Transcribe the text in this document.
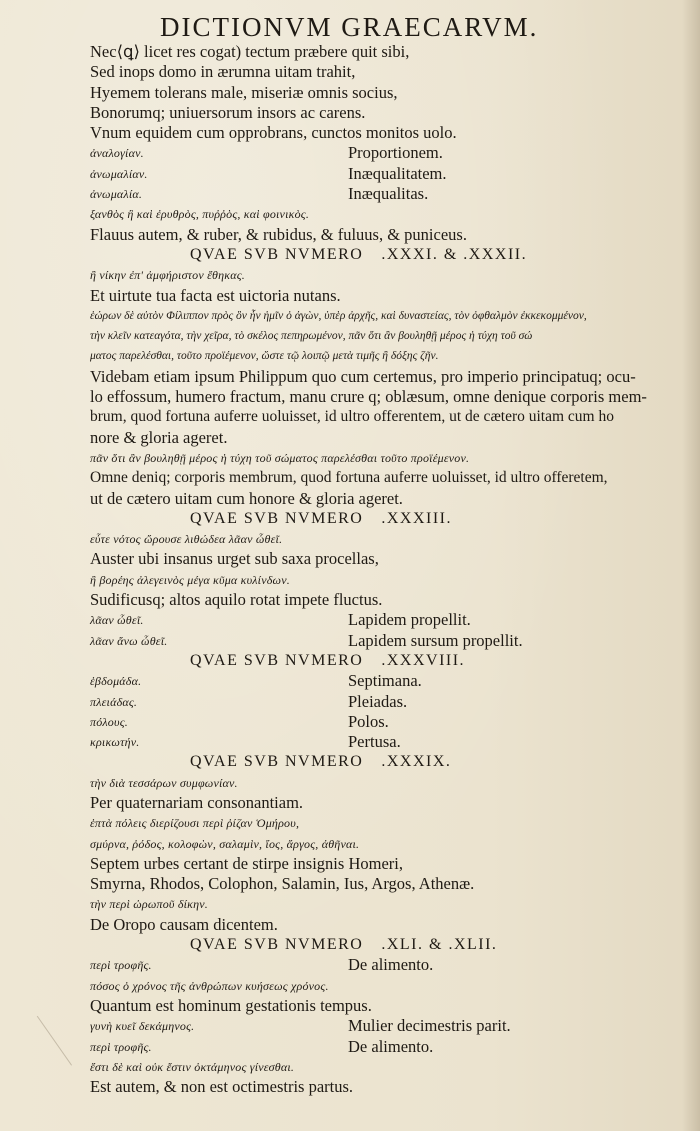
DICTIONVM GRAECARVM.
Nec⟨ꝗ⟩ licet res cogat) tectum præbere quit sibi,
Sed inops domo in ærumna uitam trahit,
Hyemem tolerans male, miseriæ omnis socius,
Bonorumq; uniuersorum insors ac carens.
Vnum equidem cum opprobrans, cunctos monitos uolo.
ἀναλογίαν.	Proportionem.
ἀνωμαλίαν.	Inæqualitatem.
ἀνωμαλία.	Inæqualitas.
ξανθὸς ἢ καὶ ἐρυθρὸς, πυῤῥὸς, καὶ φοινικὸς.
Flauus autem, & ruber, & rubidus, & fuluus, & puniceus.
QVAE SVB NVMERO .XXXI. & .XXXII.
ἢ νίκην ἐπ' ἀμφήριστον ἔθηκας.
Et uirtute tua facta est uictoria nutans.
ἑώρων δὲ αὐτὸν Φίλιππον πρὸς ὃν ἦν ἡμῖν ὁ ἀγὼν, ὑπὲρ ἀρχῆς, καὶ δυναστείας, τὸν ὀφθαλμὸν ἐκκεκομμένον,
τὴν κλεῖν κατεαγότα, τὴν χεῖρα, τὸ σκέλος πεπηρωμένον, πᾶν ὅτι ἂν βουληθῇ μέρος ἡ τύχη τοῦ σώ
ματος παρελέσθαι, τοῦτο προϊέμενον, ὥστε τῷ λοιπῷ μετὰ τιμῆς ἢ δόξης ζῆν.
Videbam etiam ipsum Philippum quo cum certemus, pro imperio principatuq; ocu-
lo effossum, humero fractum, manu crure q; oblæsum, omne denique corporis mem-
brum, quod fortuna auferre uoluisset, id ultro offerentem, ut de cætero uitam cum ho
nore & gloria ageret.
πᾶν ὅτι ἂν βουληθῇ μέρος ἡ τύχη τοῦ σώματος παρελέσθαι τοῦτο προϊέμενον.
Omne deniq; corporis membrum, quod fortuna auferre uoluisset, id ultro offeretem,
ut de cætero uitam cum honore & gloria ageret.
QVAE SVB NVMERO .XXXIII.
εὖτε νότος ὤρουσε λιθώδεα λᾶαν ὦθεῖ.
Auster ubi insanus urget sub saxa procellas,
ἢ βορέης ἀλεγεινὸς μέγα κῦμα κυλίνδων.
Sudificusq; altos aquilo rotat impete fluctus.
λᾶαν ὦθεῖ.	Lapidem propellit.
λᾶαν ἄνω ὦθεῖ.	Lapidem sursum propellit.
QVAE SVB NVMERO .XXXVIII.
ἑβδομάδα.	Septimana.
πλειάδας.	Pleiadas.
πόλους.	Polos.
κρικωτήν.	Pertusa.
QVAE SVB NVMERO .XXXIX.
τὴν διὰ τεσσάρων συμφωνίαν.
Per quaternariam consonantiam.
ἑπτὰ πόλεις διερίζουσι περὶ ῥίζαν Ὁμήρου,
σμύρνα, ῥόδος, κολοφὼν, σαλαμὶν, ἴος, ἄργος, ἀθῆναι.
Septem urbes certant de stirpe insignis Homeri,
Smyrna, Rhodos, Colophon, Salamin, Ius, Argos, Athenæ.
τὴν περὶ ὠρωποῦ δίκην.
De Oropo causam dicentem.
QVAE SVB NVMERO .XLI. & .XLII.
περὶ τροφῆς.	De alimento.
πόσος ὁ χρόνος τῆς ἀνθρώπων κυήσεως χρόνος.
Quantum est hominum gestationis tempus.
γυνὴ κυεῖ δεκάμηνος.	Mulier decimestris parit.
περὶ τροφῆς.	De alimento.
ἔστι δὲ καὶ οὐκ ἔστιν ὀκτάμηνος γίνεσθαι.
Est autem, & non est octimestris partus.
